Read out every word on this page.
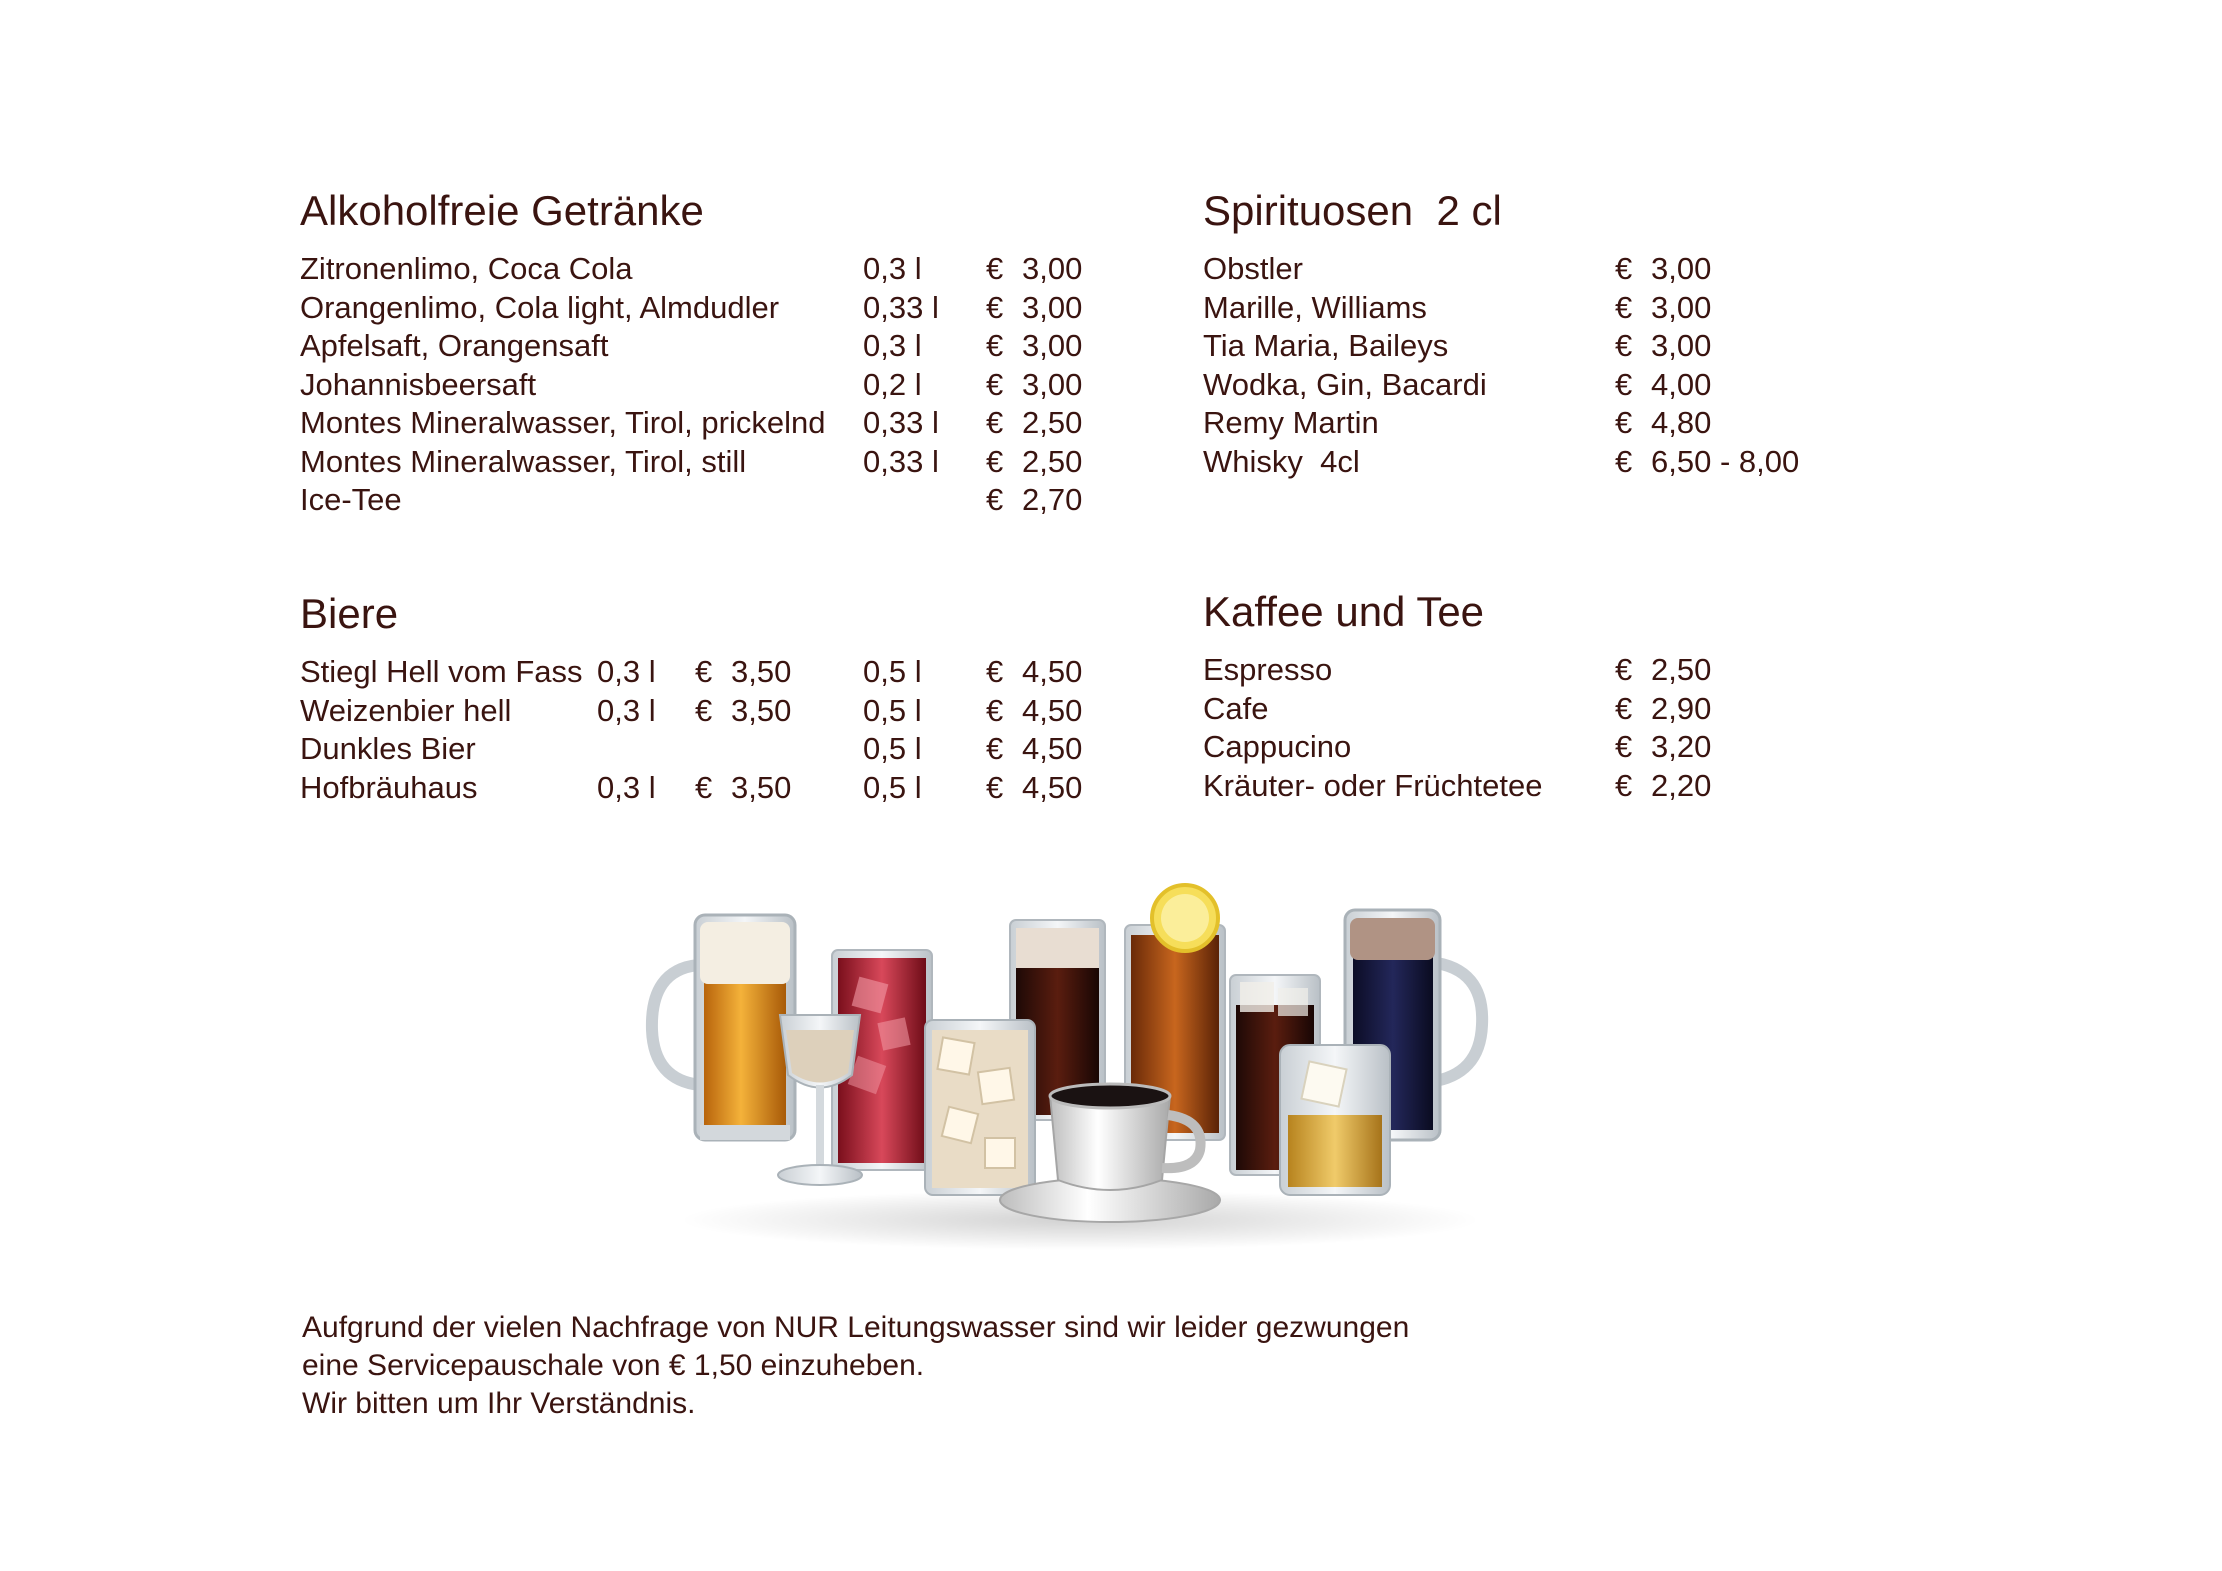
Alkoholfreie Getränke
Zitronenlimo, Coca Cola	0,3 l € 3,00
Orangenlimo, Cola light, Almdudler	0,33 l € 3,00
Apfelsaft, Orangensaft	0,3 l € 3,00
Johannisbeersaft	0,2 l € 3,00
Montes Mineralwasser, Tirol, prickelnd 0,33 l € 2,50
Montes Mineralwasser, Tirol, still	0,33 l € 2,50
Ice-Tee	€ 2,70
Spirituosen  2 cl
Obstler	€ 3,00
Marille, Williams	€ 3,00
Tia Maria, Baileys	€ 3,00
Wodka, Gin, Bacardi	€ 4,00
Remy Martin	€ 4,80
Whisky  4cl	€ 6,50 - 8,00
Biere
Stiegl Hell vom Fass 0,3 l € 3,50 0,5 l € 4,50
Weizenbier hell	0,3 l € 3,50 0,5 l € 4,50
Dunkles Bier	0,5 l € 4,50
Hofbräuhaus	0,3 l € 3,50 0,5 l € 4,50
Kaffee und Tee
Espresso	€ 2,50
Cafe	€ 2,90
Cappucino	€ 3,20
Kräuter- oder Früchtetee € 2,20
Aufgrund der vielen Nachfrage von NUR Leitungswasser sind wir leider gezwungen
eine Servicepauschale von € 1,50 einzuheben.
Wir bitten um Ihr Verständnis.
